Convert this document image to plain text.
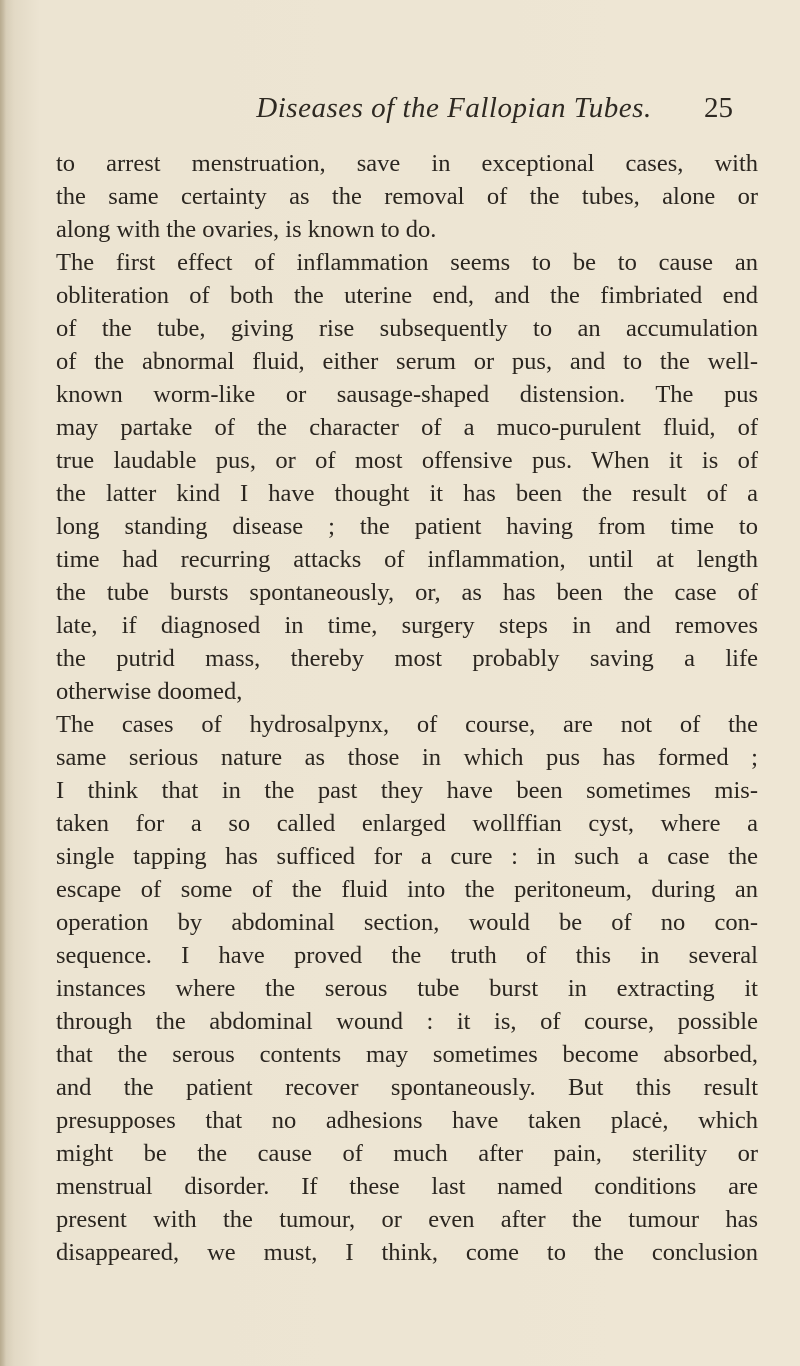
Diseases of the Fallopian Tubes.	25
to arrest menstruation, save in exceptional cases, with
the same certainty as the removal of the tubes, alone or
along with the ovaries, is known to do.
The first effect of inflammation seems to be to cause an
obliteration of both the uterine end, and the fimbriated end
of the tube, giving rise subsequently to an accumulation
of the abnormal fluid, either serum or pus, and to the well-
known worm-like or sausage-shaped distension. The pus
may partake of the character of a muco-purulent fluid, of
true laudable pus, or of most offensive pus. When it is of
the latter kind I have thought it has been the result of a
long standing disease ; the patient having from time to
time had recurring attacks of inflammation, until at length
the tube bursts spontaneously, or, as has been the case of
late, if diagnosed in time, surgery steps in and removes
the putrid mass, thereby most probably saving a life
otherwise doomed,
The cases of hydrosalpynx, of course, are not of the
same serious nature as those in which pus has formed ;
I think that in the past they have been sometimes mis-
taken for a so called enlarged wollffian cyst, where a
single tapping has sufficed for a cure : in such a case the
escape of some of the fluid into the peritoneum, during an
operation by abdominal section, would be of no con-
sequence. I have proved the truth of this in several
instances where the serous tube burst in extracting it
through the abdominal wound : it is, of course, possible
that the serous contents may sometimes become absorbed,
and the patient recover spontaneously. But this result
presupposes that no adhesions have taken placė, which
might be the cause of much after pain, sterility or
menstrual disorder. If these last named conditions are
present with the tumour, or even after the tumour has
disappeared, we must, I think, come to the conclusion
